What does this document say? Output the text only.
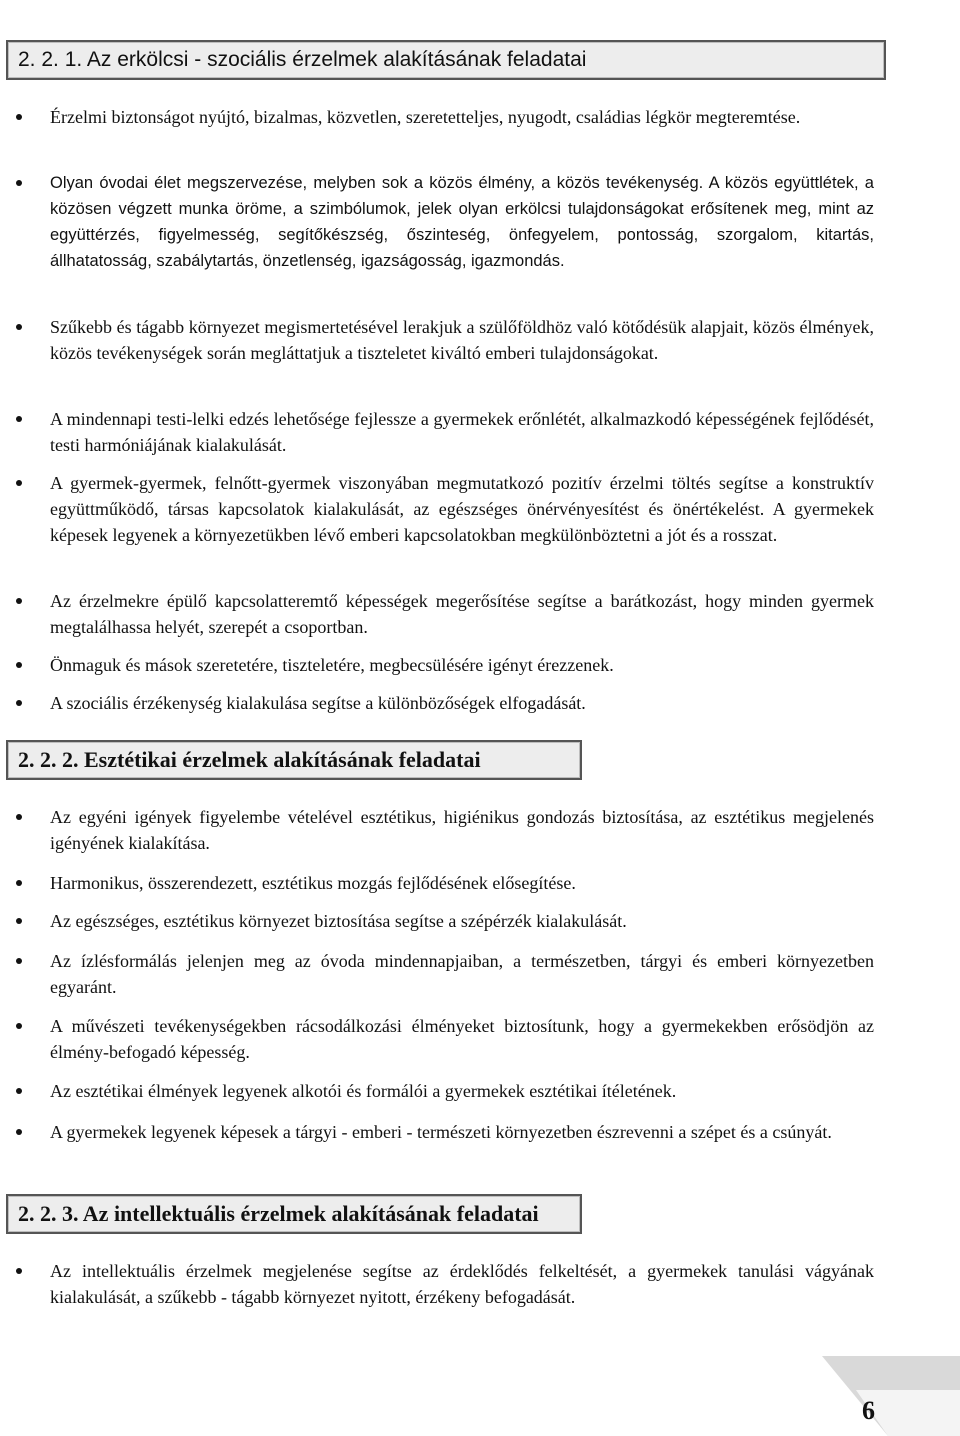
2. 2. 1. Az erkölcsi - szociális érzelmek alakításának feladatai

Érzelmi biztonságot nyújtó, bizalmas, közvetlen, szeretetteljes, nyugodt, családias légkör megteremtése.

Olyan óvodai élet megszervezése, melyben sok a közös élmény, a közös tevékenység. A közös együttlétek, a közösen végzett munka öröme, a szimbólumok, jelek olyan erkölcsi tulajdonságokat erősítenek meg, mint az együttérzés, figyelmesség, segítőkészség, őszinteség, önfegyelem, pontosság, szorgalom, kitartás, állhatatosság, szabálytartás, önzetlenség, igazságosság, igazmondás.

Szűkebb és tágabb környezet megismertetésével lerakjuk a szülőföldhöz való kötődésük alapjait, közös élmények, közös tevékenységek során megláttatjuk a tiszteletet kiváltó emberi tulajdonságokat.

A mindennapi testi-lelki edzés lehetősége fejlessze a gyermekek erőnlétét, alkalmazkodó képességének fejlődését, testi harmóniájának kialakulását.

A gyermek-gyermek, felnőtt-gyermek viszonyában megmutatkozó pozitív érzelmi töltés segítse a konstruktív együttműködő, társas kapcsolatok kialakulását, az egészséges önérvényesítést és önértékelést. A gyermekek képesek legyenek a környezetükben lévő emberi kapcsolatokban megkülönböztetni a jót és a rosszat.

Az érzelmekre épülő kapcsolatteremtő képességek megerősítése segítse a barátkozást, hogy minden gyermek megtalálhassa helyét, szerepét a csoportban.

Önmaguk és mások szeretetére, tiszteletére, megbecsülésére igényt érezzenek.

A szociális érzékenység kialakulása segítse a különbözőségek elfogadását.

2. 2. 2. Esztétikai érzelmek alakításának feladatai

Az egyéni igények figyelembe vételével esztétikus, higiénikus gondozás biztosítása, az esztétikus megjelenés igényének kialakítása.

Harmonikus, összerendezett, esztétikus mozgás fejlődésének elősegítése.

Az egészséges, esztétikus környezet biztosítása segítse a szépérzék kialakulását.

Az ízlésformálás jelenjen meg az óvoda mindennapjaiban, a természetben, tárgyi és emberi környezetben egyaránt.

A művészeti tevékenységekben rácsodálkozási élményeket biztosítunk, hogy a gyermekekben erősödjön az élmény-befogadó képesség.

Az esztétikai élmények legyenek alkotói és formálói a gyermekek esztétikai ítéletének.

A gyermekek legyenek képesek a tárgyi - emberi - természeti környezetben észrevenni a szépet és a csúnyát.

2. 2. 3. Az intellektuális érzelmek alakításának feladatai

Az intellektuális érzelmek megjelenése segítse az érdeklődés felkeltését, a gyermekek tanulási vágyának kialakulását, a szűkebb - tágabb környezet nyitott, érzékeny befogadását.

6
